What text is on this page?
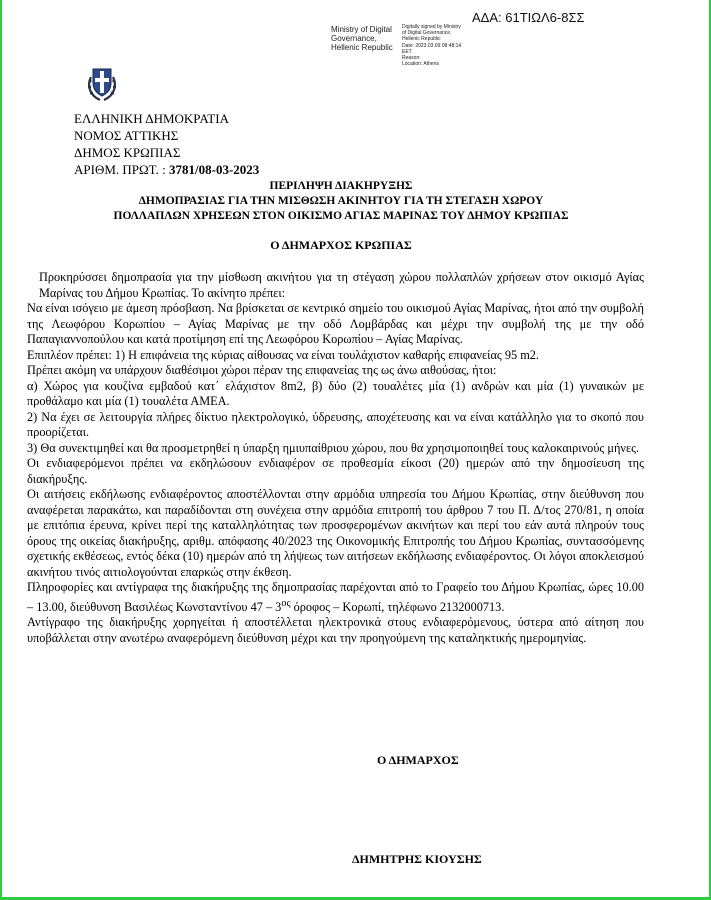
ΑΔΑ: 61ΤΙΩΛ6-8ΣΣ
Ministry of Digital
Governance,
Hellenic Republic
Digitally signed by Ministry
of Digital Governance,
Hellenic Republic
Date: 2023.03.09 08:48:14
EET
Reason:
Location: Athens
ΕΛΛΗΝΙΚΗ ΔΗΜΟΚΡΑΤΙΑ
ΝΟΜΟΣ ΑΤΤΙΚΗΣ
ΔΗΜΟΣ ΚΡΩΠΙΑΣ
ΑΡΙΘΜ. ΠΡΩΤ. : 3781/08-03-2023
ΠΕΡΙΛΗΨΗ ΔΙΑΚΗΡΥΞΗΣ
ΔΗΜΟΠΡΑΣΙΑΣ ΓΙΑ ΤΗΝ ΜΙΣΘΩΣΗ ΑΚΙΝΗΤΟΥ ΓΙΑ ΤΗ ΣΤΕΓΑΣΗ ΧΩΡΟΥ
ΠΟΛΛΑΠΛΩΝ ΧΡΗΣΕΩΝ ΣΤΟΝ ΟΙΚΙΣΜΟ ΑΓΙΑΣ ΜΑΡΙΝΑΣ ΤΟΥ ΔΗΜΟΥ ΚΡΩΠΙΑΣ
Ο ΔΗΜΑΡΧΟΣ ΚΡΩΠΙΑΣ

Προκηρύσσει δημοπρασία για την μίσθωση ακινήτου για τη στέγαση χώρου πολλαπλών χρήσεων στον οικισμό Αγίας Μαρίνας του Δήμου Κρωπίας. Το ακίνητο πρέπει:

Να είναι ισόγειο με άμεση πρόσβαση. Να βρίσκεται σε κεντρικό σημείο του οικισμού Αγίας Μαρίνας, ήτοι από την συμβολή της Λεωφόρου Κορωπίου – Αγίας Μαρίνας με την οδό Λομβάρδας και μέχρι την συμβολή της με την οδό Παπαγιαννοπούλου και κατά προτίμηση επί της Λεωφόρου Κορωπίου – Αγίας Μαρίνας.

Επιπλέον πρέπει: 1) Η επιφάνεια της κύριας αίθουσας να είναι τουλάχιστον καθαρής επιφανείας 95 m2.

Πρέπει ακόμη να υπάρχουν διαθέσιμοι χώροι πέραν της επιφανείας της ως άνω αιθούσας, ήτοι:

α) Χώρος για κουζίνα εμβαδού κατ΄ ελάχιστον 8m2, β) δύο (2) τουαλέτες μία (1) ανδρών και μία (1) γυναικών με προθάλαμο και μία (1) τουαλέτα ΑΜΕΑ.

2) Να έχει σε λειτουργία πλήρες δίκτυο ηλεκτρολογικό, ύδρευσης, αποχέτευσης και να είναι κατάλληλο για το σκοπό που προορίζεται.

3) Θα συνεκτιμηθεί και θα προσμετρηθεί η ύπαρξη ημιυπαίθριου χώρου, που θα χρησιμοποιηθεί τους καλοκαιρινούς μήνες.

Οι ενδιαφερόμενοι πρέπει να εκδηλώσουν ενδιαφέρον σε προθεσμία είκοσι (20) ημερών από την δημοσίευση της διακήρυξης.

Οι αιτήσεις εκδήλωσης ενδιαφέροντος αποστέλλονται στην αρμόδια υπηρεσία του Δήμου Κρωπίας, στην διεύθυνση που αναφέρεται παρακάτω, και παραδίδονται στη συνέχεια στην αρμόδια επιτροπή του άρθρου 7 του Π. Δ/τος 270/81, η οποία με επιτόπια έρευνα, κρίνει περί της καταλληλότητας των προσφερομένων ακινήτων και περί του εάν αυτά πληρούν τους όρους της οικείας διακήρυξης, αριθμ. απόφασης 40/2023 της Οικονομικής Επιτροπής του Δήμου Κρωπίας, συντασσόμενης σχετικής εκθέσεως, εντός δέκα (10) ημερών από τη λήψεως των αιτήσεων εκδήλωσης ενδιαφέροντος. Οι λόγοι αποκλεισμού ακινήτου τινός αιτιολογούνται επαρκώς στην έκθεση.

Πληροφορίες και αντίγραφα της διακήρυξης της δημοπρασίας παρέχονται από το Γραφείο του Δήμου Κρωπίας, ώρες 10.00 – 13.00, διεύθυνση Βασιλέως Κωνσταντίνου $47 - 3^{o\varsigma}$ όροφος – Κορωπί, τηλέφωνο 2132000713.

Αντίγραφο της διακήρυξης χορηγείται ή αποστέλλεται ηλεκτρονικά στους ενδιαφερόμενους, ύστερα από αίτηση που υποβάλλεται στην ανωτέρω αναφερόμενη διεύθυνση μέχρι και την προηγούμενη της καταληκτικής ημερομηνίας.

Ο ΔΗΜΑΡΧΟΣ
ΔΗΜΗΤΡΗΣ ΚΙΟΥΣΗΣ
